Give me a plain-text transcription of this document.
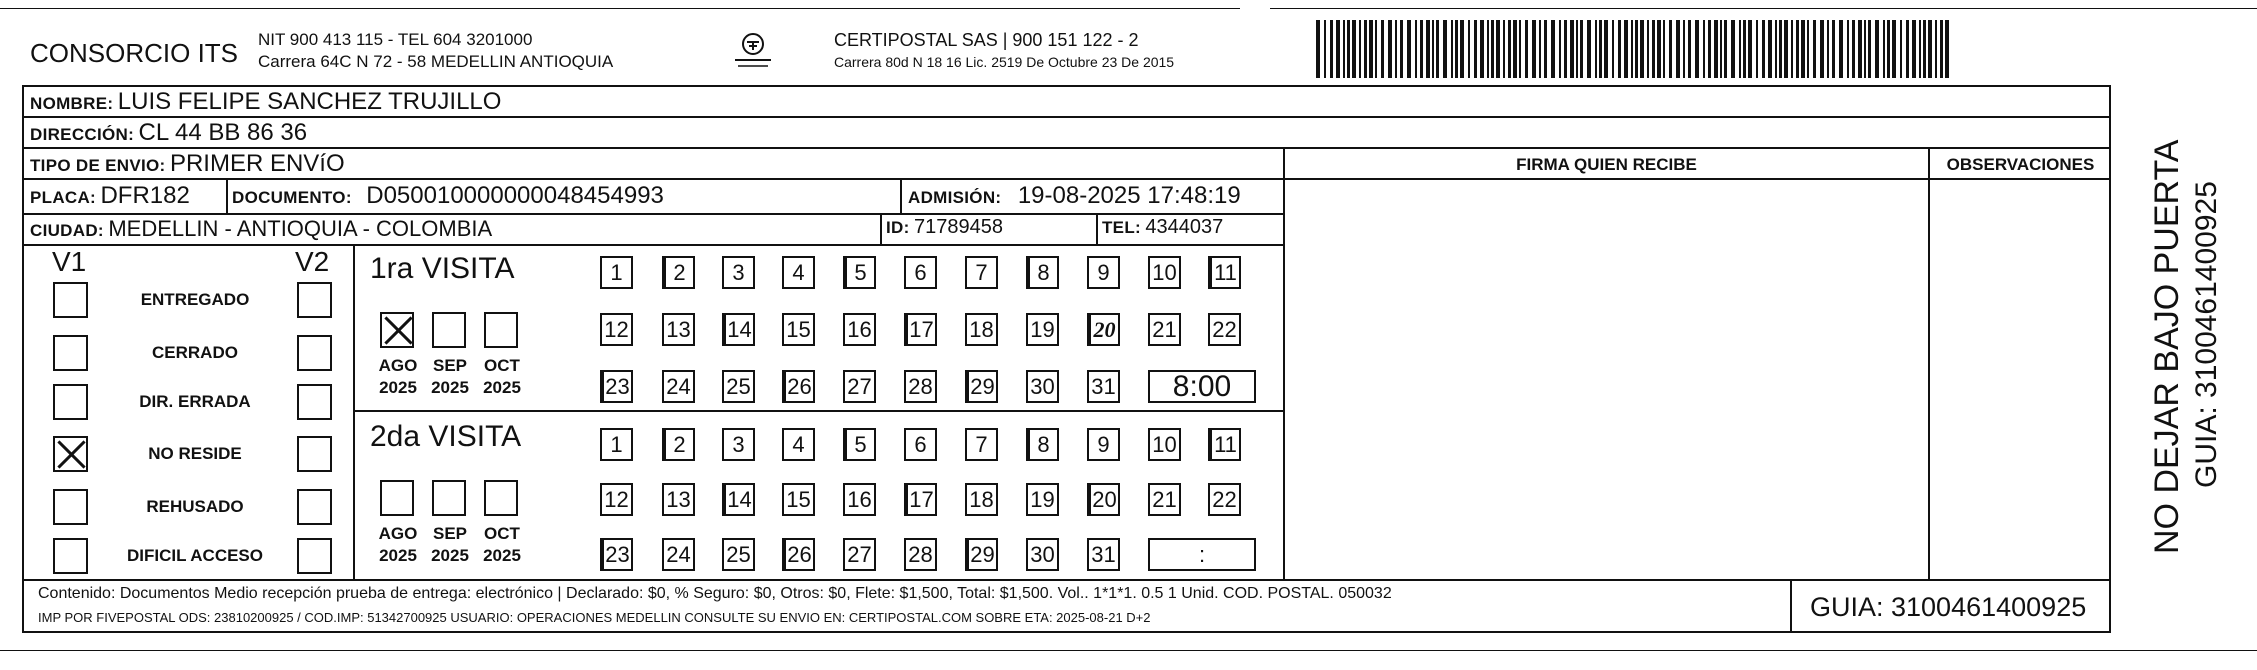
CONSORCIO ITS NIT 900 413 115 - TEL 604 3201000
Carrera 64C N 72 - 58 MEDELLIN ANTIOQUIA
CERTIPOSTAL SAS | 900 151 122 - 2
Carrera 80d N 18 16 Lic. 2519 De Octubre 23 De 2015
NOMBRE: LUIS FELIPE SANCHEZ TRUJILLO
DIRECCIÓN: CL 44 BB 86 36
TIPO DE ENVIO: PRIMER ENVíO	FIRMA QUIEN RECIBE	OBSERVACIONES
PLACA: DFR182 DOCUMENTO: D050010000000048454993	ADMISIÓN: 19-08-2025 17:48:19
CIUDAD: MEDELLIN - ANTIOQUIA - COLOMBIA	ID: 71789458	TEL: 4344037
V1	V2
ENTREGADO
CERRADO
DIR. ERRADA
NO RESIDE
REHUSADO
DIFICIL ACCESO
1ra VISITA
2da VISITA
1	2	3	4	5	6	7	8	9	10 11
12 13 14 15 16 17 18 19 20 21 22
23 24 25 26 27 28 29 30 31	8:00
1	2	3	4	5	6	7	8	9	10 11
12 13 14 15 16 17 18 19 20 21 22
23 24 25 26 27 28 29 30 31	:
AGO
2025
SEP
2025
OCT
2025
AGO
2025
SEP
2025
OCT
2025
NO DEJAR BAJO PUERTA GUIA: 3100461400925
Contenido: Documentos Medio recepción prueba de entrega: electrónico | Declarado: $0, % Seguro: $0, Otros: $0, Flete: $1,500, Total: $1,500. Vol.. 1*1*1. 0.5 1 Unid. COD. POSTAL. 050032
IMP POR FIVEPOSTAL ODS: 23810200925 / COD.IMP: 51342700925 USUARIO: OPERACIONES MEDELLIN CONSULTE SU ENVIO EN: CERTIPOSTAL.COM SOBRE ETA: 2025-08-21 D+2	GUIA: 3100461400925
